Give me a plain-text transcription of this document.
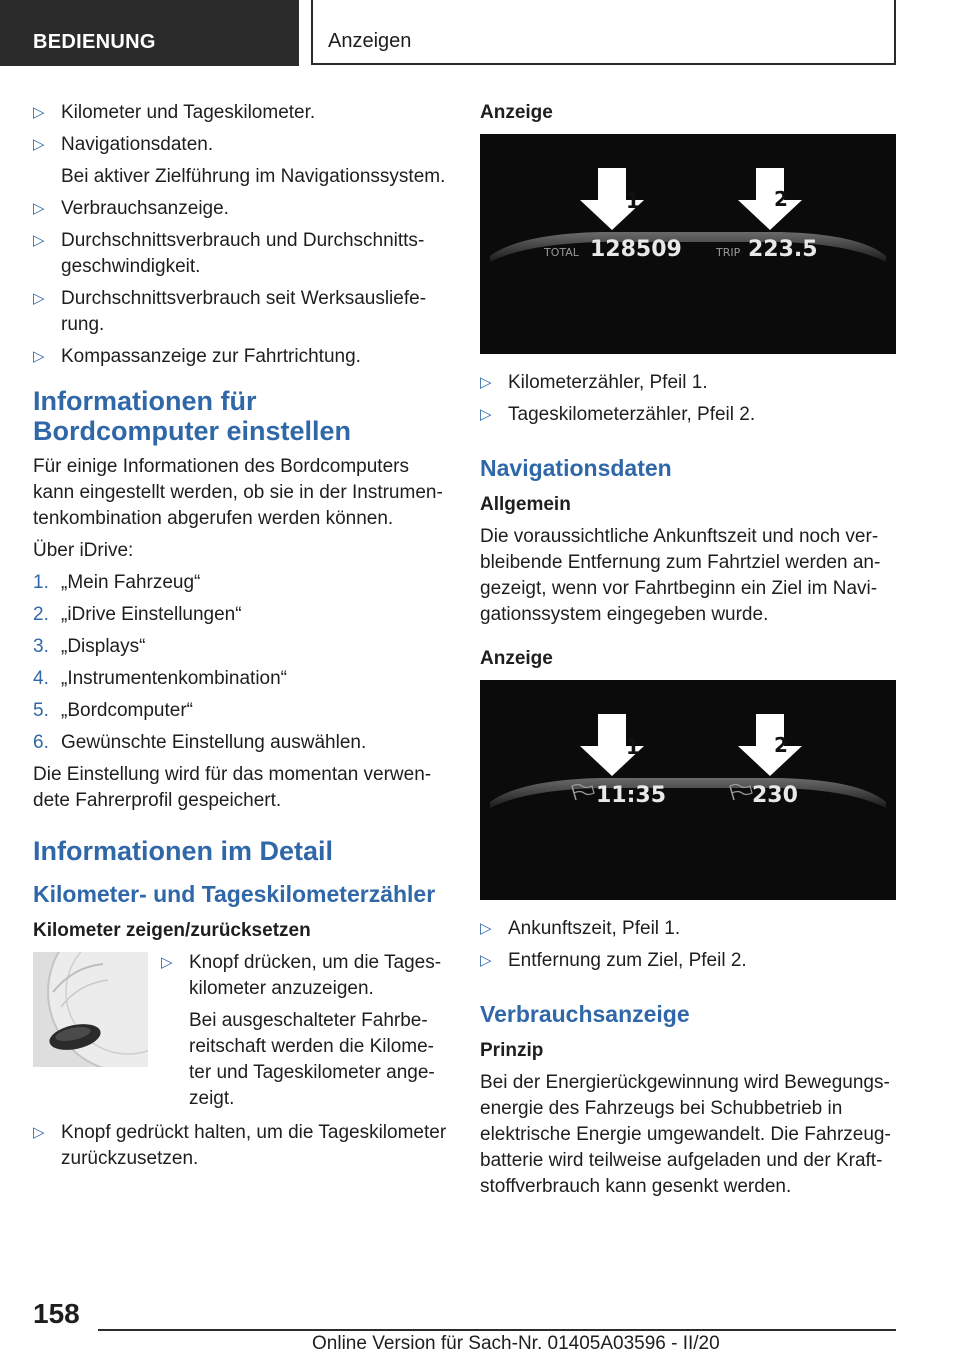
BEDIENUNG	Anzeigen
▷ Kilometer und Tageskilometer.
▷ Navigationsdaten.
Bei aktiver Zielführung im Navigationssystem.
▷ Verbrauchsanzeige.
▷ Durchschnittsverbrauch und Durchschnittsgeschwindigkeit.
▷ Durchschnittsverbrauch seit Werksauslieferung.
▷ Kompassanzeige zur Fahrtrichtung.
Informationen für Bordcomputer einstellen

Für einige Informationen des Bordcomputers kann eingestellt werden, ob sie in der Instrumentenkombination abgerufen werden können.

Über iDrive:

1. „Mein Fahrzeug“
2. „iDrive Einstellungen“
3. „Displays“
4. „Instrumentenkombination“
5. „Bordcomputer“
6. Gewünschte Einstellung auswählen.

Die Einstellung wird für das momentan verwendete Fahrerprofil gespeichert.

Informationen im Detail
Kilometer- und Tageskilometerzähler
Kilometer zeigen/zurücksetzen
▷ Knopf drücken, um die Tageskilometer anzuzeigen.
Bei ausgeschalteter Fahrbereitschaft werden die Kilometer und Tageskilometer angezeigt.
▷ Knopf gedrückt halten, um die Tageskilometer zurückzusetzen.
Anzeige
1	2
TOTAL 128509	TRIP 223.5
▷ Kilometerzähler, Pfeil 1.
▷ Tageskilometerzähler, Pfeil 2.
Navigationsdaten
Allgemein

Die voraussichtliche Ankunftszeit und noch verbleibende Entfernung zum Fahrtziel werden angezeigt, wenn vor Fahrtbeginn ein Ziel im Navigationssystem eingegeben wurde.

Anzeige
1	2
11:35	230
▷ Ankunftszeit, Pfeil 1.
▷ Entfernung zum Ziel, Pfeil 2.
Verbrauchsanzeige
Prinzip

Bei der Energierückgewinnung wird Bewegungsenergie des Fahrzeugs bei Schubbetrieb in elektrische Energie umgewandelt. Die Fahrzeugbatterie wird teilweise aufgeladen und der Kraftstoffverbrauch kann gesenkt werden.

158
Online Version für Sach-Nr. 01405A03596 - II/20
